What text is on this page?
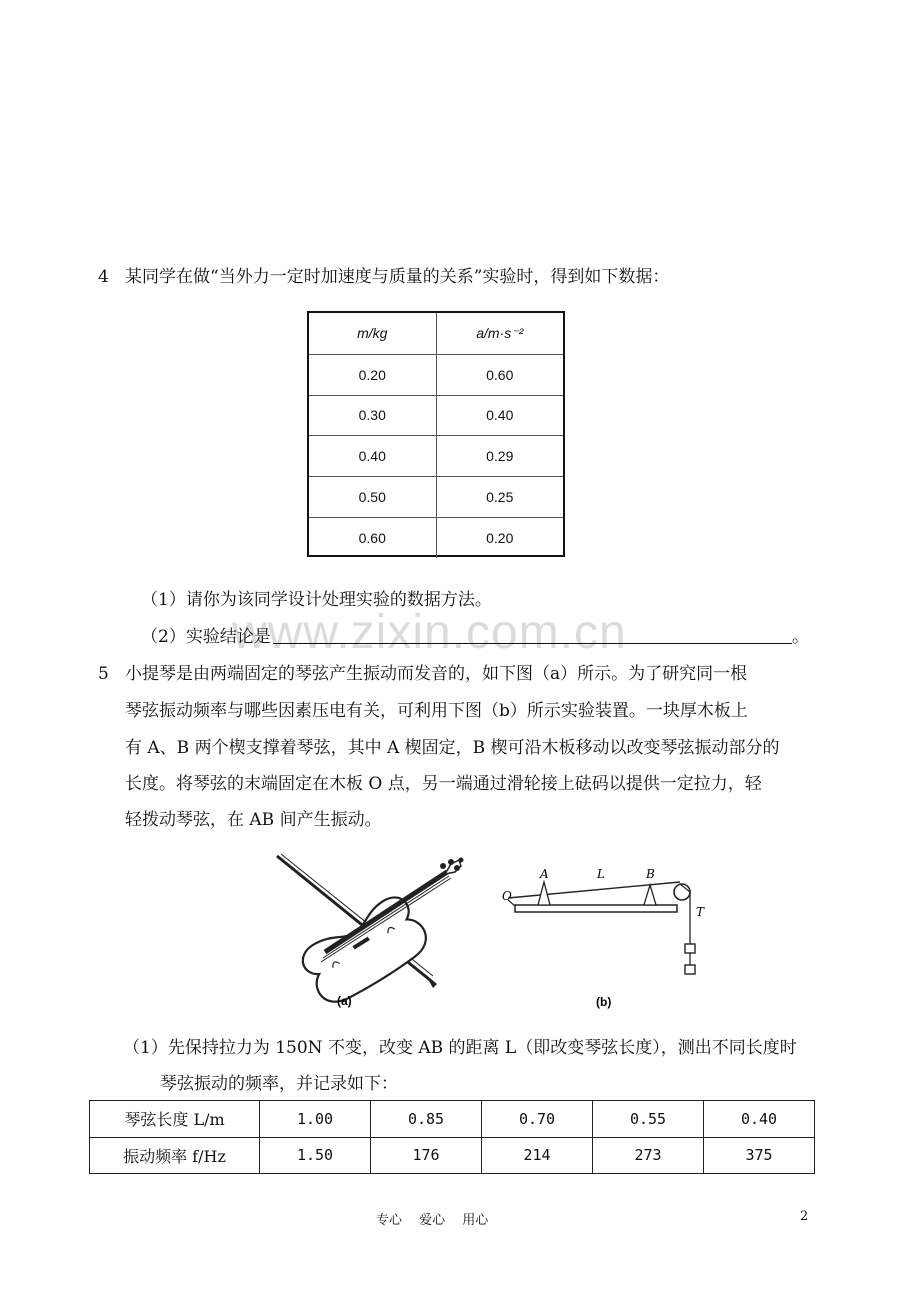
4 某同学在做“当外力一定时加速度与质量的关系”实验时，得到如下数据：
m/kg	a/m·s⁻²
0.20	0.60
0.30	0.40
0.40	0.29
0.50	0.25
0.60	0.20
（1）请你为该同学设计处理实验的数据方法。
www.zixin.com.cn
（2）实验结论是	。
5 小提琴是由两端固定的琴弦产生振动而发音的，如下图（a）所示。为了研究同一根
琴弦振动频率与哪些因素压电有关，可利用下图（b）所示实验装置。一块厚木板上
有 A、B 两个楔支撑着琴弦，其中 A 楔固定，B 楔可沿木板移动以改变琴弦振动部分的
长度。将琴弦的末端固定在木板 O 点，另一端通过滑轮接上砝码以提供一定拉力，轻
轻拨动琴弦，在 AB 间产生振动。
(a)
O
A	L	B
T
(b)
（1）先保持拉力为 150N 不变，改变 AB 的距离 L（即改变琴弦长度），测出不同长度时
琴弦振动的频率，并记录如下：
琴弦长度 L/m	1.00	0.85	0.70	0.55	0.40
振动频率 f/Hz	1.50	176	214	273	375
专心　 爱心　 用心	2
